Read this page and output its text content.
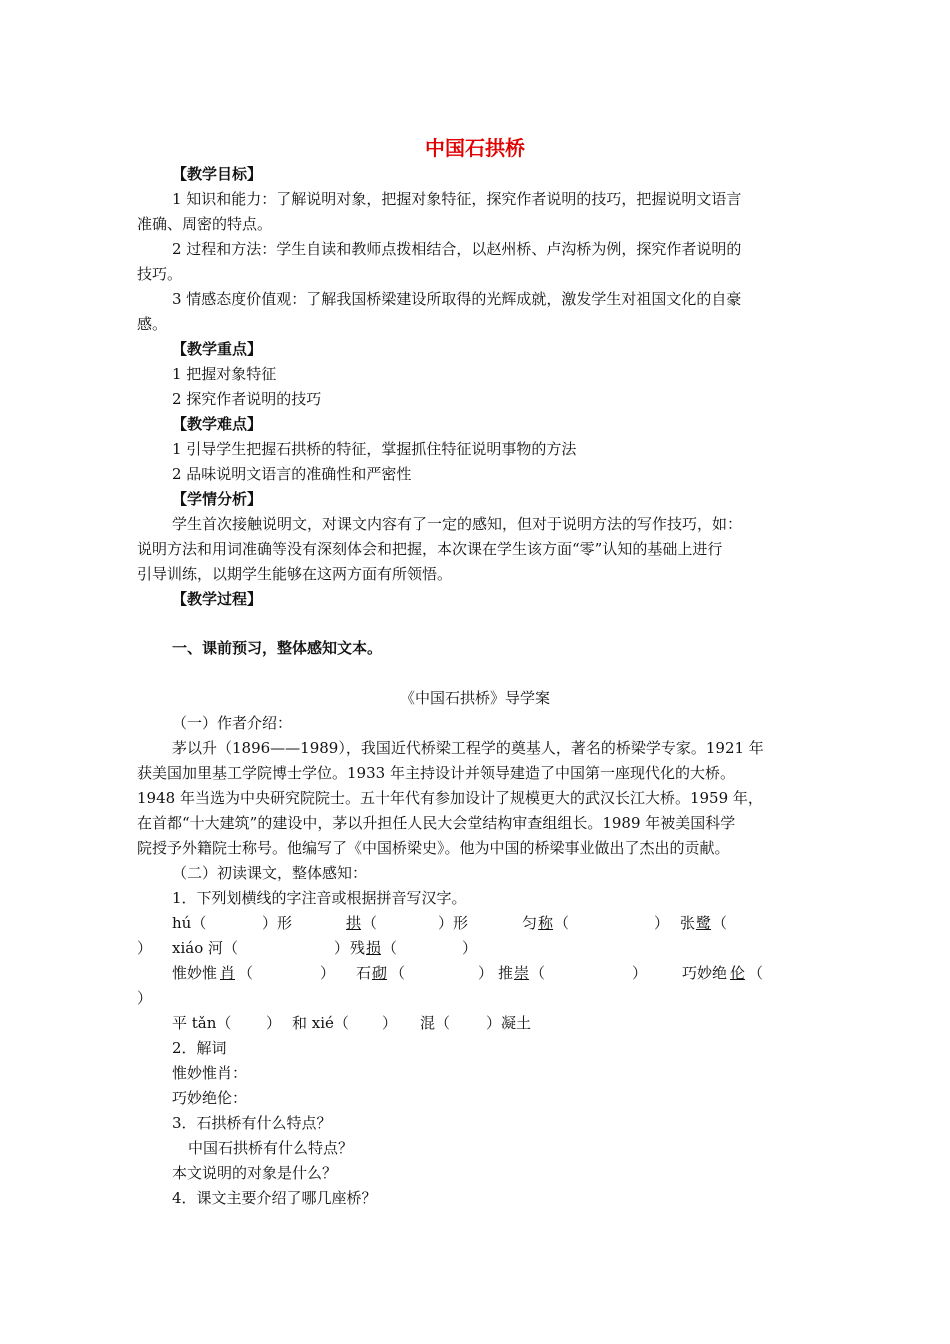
中国石拱桥
【教学目标】
1 知识和能力：了解说明对象，把握对象特征，探究作者说明的技巧，把握说明文语言
准确、周密的特点。
2 过程和方法：学生自读和教师点拨相结合，以赵州桥、卢沟桥为例，探究作者说明的
技巧。
3 情感态度价值观：了解我国桥梁建设所取得的光辉成就，激发学生对祖国文化的自豪
感。
【教学重点】
1 把握对象特征
2 探究作者说明的技巧
【教学难点】
1 引导学生把握石拱桥的特征，掌握抓住特征说明事物的方法
2 品味说明文语言的准确性和严密性
【学情分析】
学生首次接触说明文，对课文内容有了一定的感知，但对于说明方法的写作技巧，如：
说明方法和用词准确等没有深刻体会和把握，本次课在学生该方面“零”认知的基础上进行
引导训练，以期学生能够在这两方面有所领悟。
【教学过程】
一、课前预习，整体感知文本。
《中国石拱桥》导学案
（一）作者介绍：
茅以升（1896——1989），我国近代桥梁工程学的奠基人，著名的桥梁学专家。1921 年
获美国加里基工学院博士学位。1933 年主持设计并领导建造了中国第一座现代化的大桥。
1948 年当选为中央研究院院士。五十年代有参加设计了规模更大的武汉长江大桥。1959 年，
在首都“十大建筑”的建设中，茅以升担任人民大会堂结构审查组组长。1989 年被美国科学
院授予外籍院士称号。他编写了《中国桥梁史》。他为中国的桥梁事业做出了杰出的贡献。
（二）初读课文，整体感知：
1．下列划横线的字注音或根据拼音写汉字。
hú（	）形	拱 （	）形	匀 称 （	） 张 鹭 （
） xiáo 河（	） 残 损 （	）
惟妙惟 肖 （	） 石 砌 （	） 推 崇 （	） 巧妙绝 伦 （
）
平 tǎn（ ） 和 xié（ ） 混（ ）凝土
2．解词
惟妙惟肖：
巧妙绝伦：
3．石拱桥有什么特点？
中国石拱桥有什么特点？
本文说明的对象是什么？
4．课文主要介绍了哪几座桥？
